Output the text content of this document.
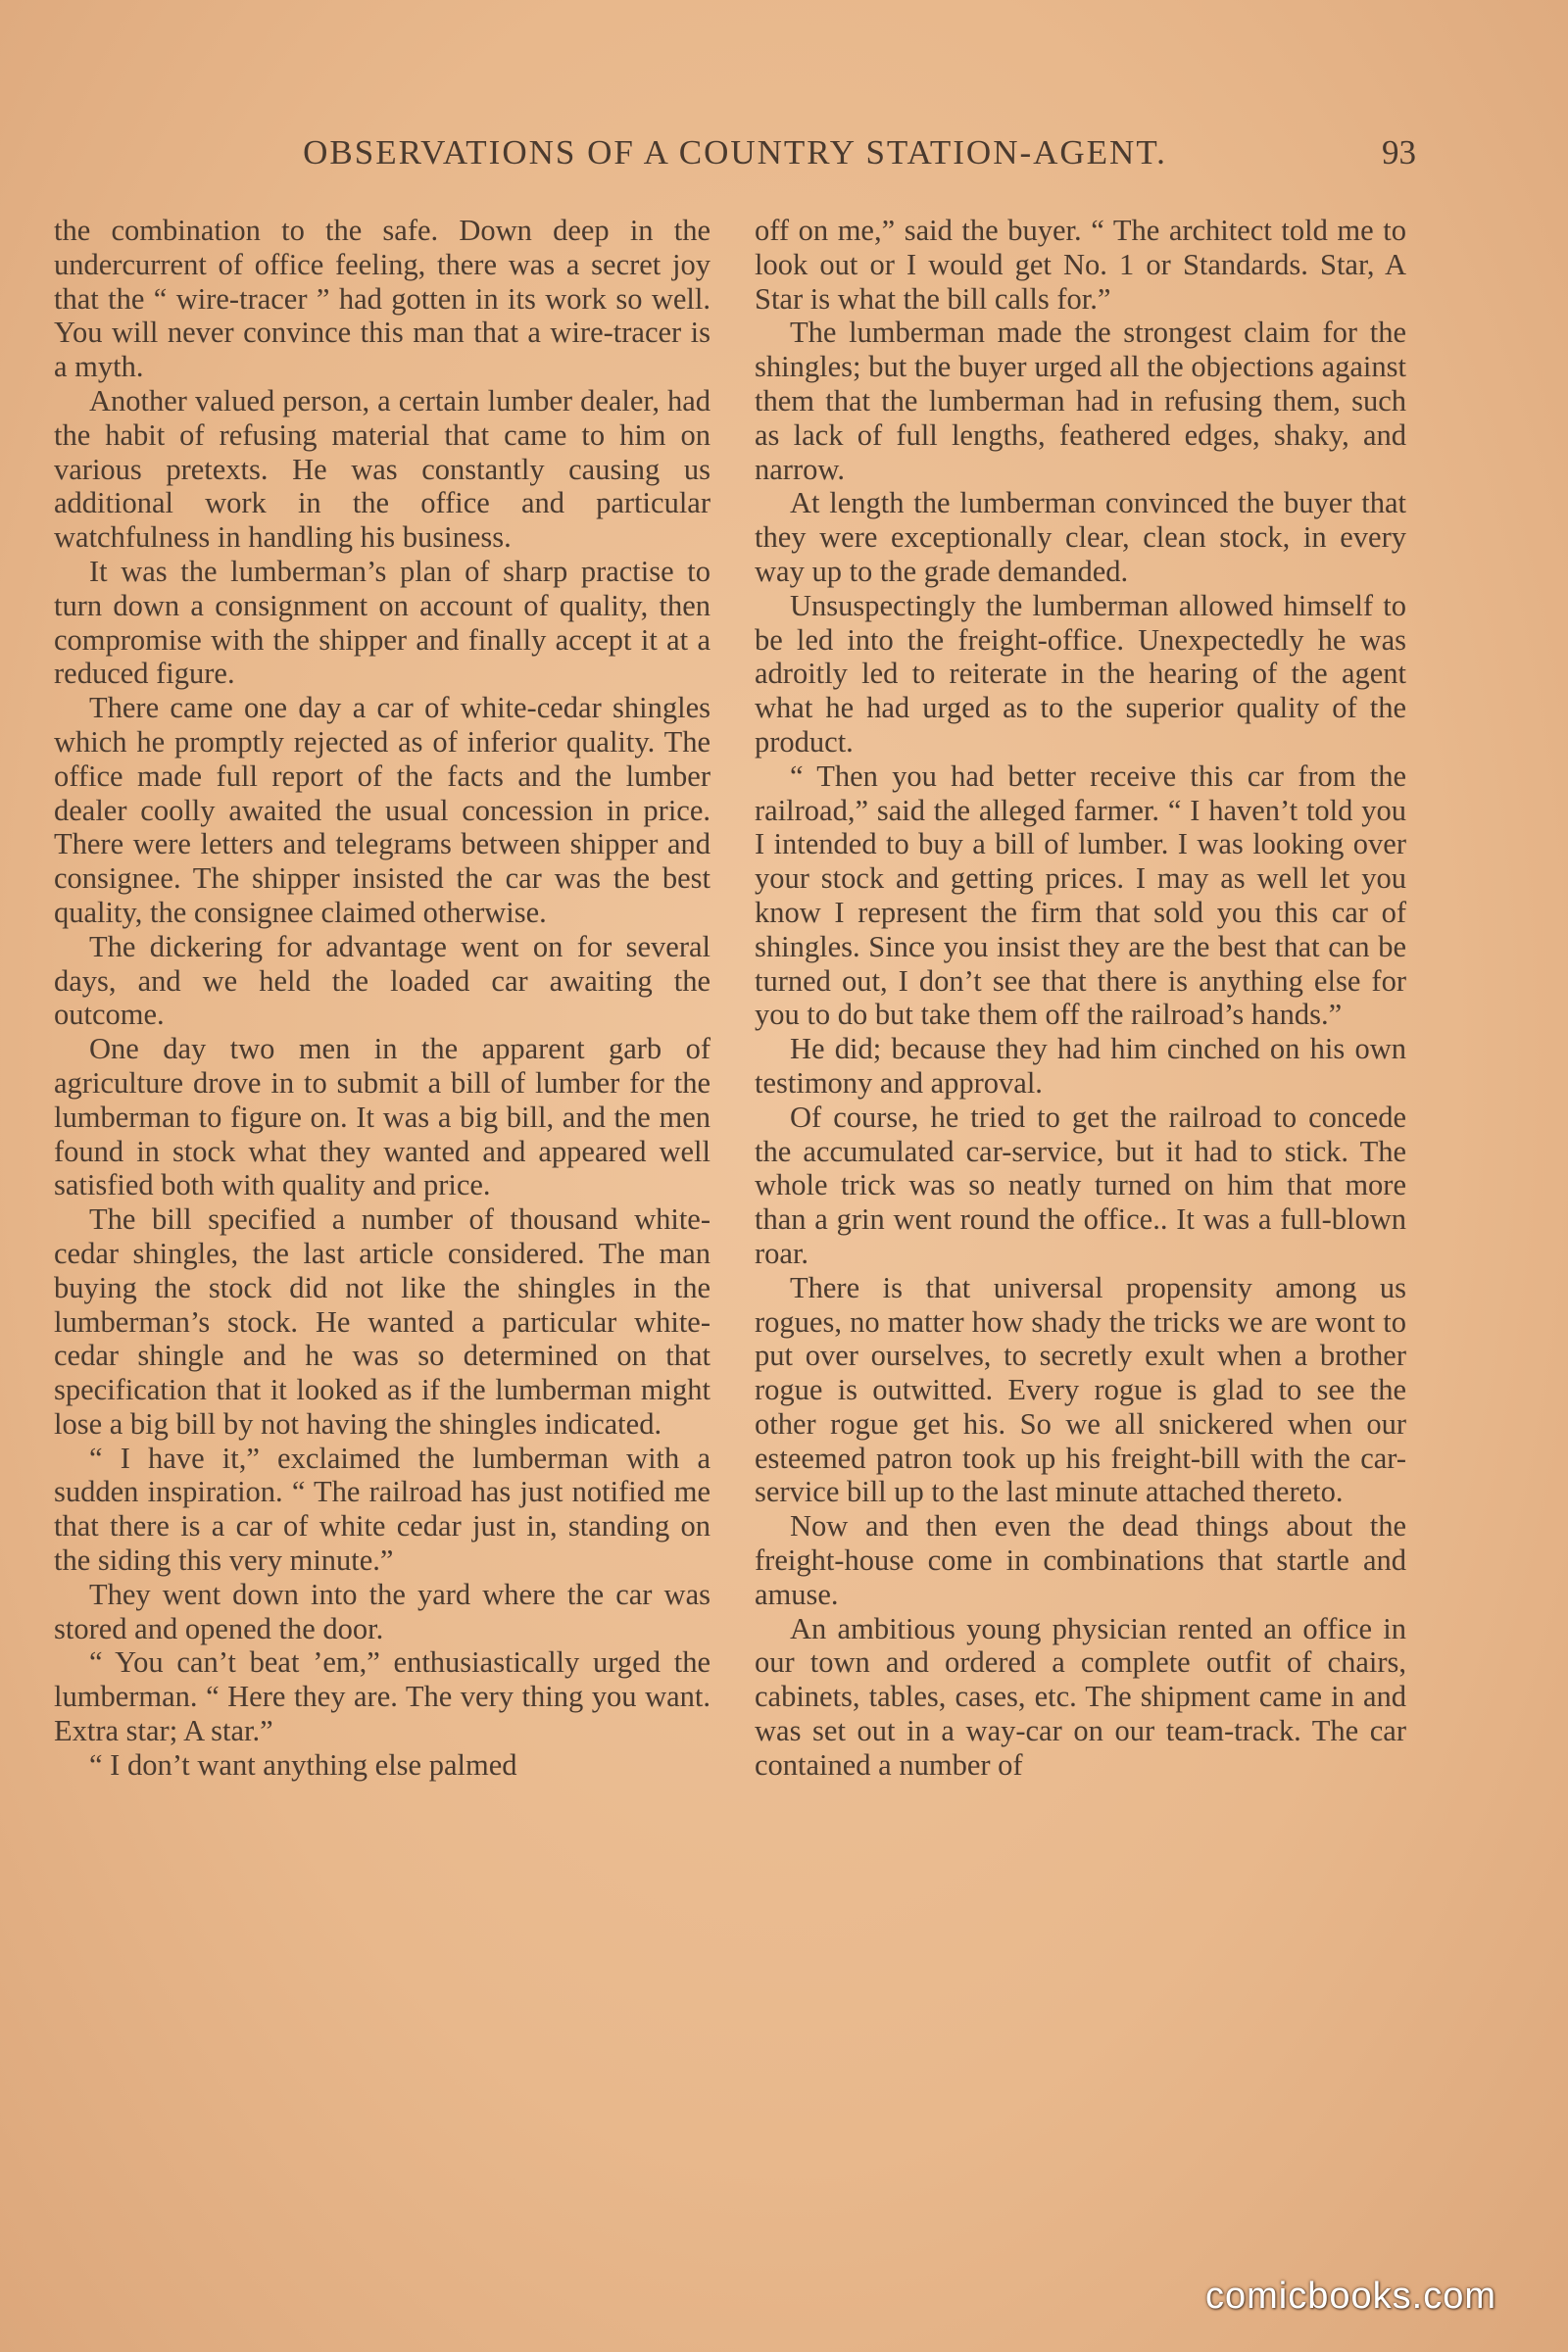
OBSERVATIONS OF A COUNTRY STATION-AGENT.	93

the combination to the safe. Down deep in the undercurrent of office feeling, there was a secret joy that the “ wire-tracer ” had gotten in its work so well. You will never convince this man that a wire-tracer is a myth.

Another valued person, a certain lumber dealer, had the habit of refusing material that came to him on various pretexts. He was constantly causing us additional work in the office and particular watchfulness in handling his business.

It was the lumberman’s plan of sharp practise to turn down a consignment on account of quality, then compromise with the shipper and finally accept it at a reduced figure.

There came one day a car of white-cedar shingles which he promptly rejected as of inferior quality. The office made full report of the facts and the lumber dealer coolly awaited the usual concession in price. There were letters and telegrams between shipper and consignee. The shipper insisted the car was the best quality, the consignee claimed otherwise.

The dickering for advantage went on for several days, and we held the loaded car awaiting the outcome.

One day two men in the apparent garb of agriculture drove in to submit a bill of lumber for the lumberman to figure on. It was a big bill, and the men found in stock what they wanted and appeared well satisfied both with quality and price.

The bill specified a number of thousand white-cedar shingles, the last article considered. The man buying the stock did not like the shingles in the lumberman’s stock. He wanted a particular white-cedar shingle and he was so determined on that specification that it looked as if the lumberman might lose a big bill by not having the shingles indicated.

“ I have it,” exclaimed the lumberman with a sudden inspiration. “ The railroad has just notified me that there is a car of white cedar just in, standing on the siding this very minute.”

They went down into the yard where the car was stored and opened the door.

“ You can’t beat ’em,” enthusiastically urged the lumberman. “ Here they are. The very thing you want. Extra star; A star.”

“ I don’t want anything else palmed

off on me,” said the buyer. “ The architect told me to look out or I would get No. 1 or Standards. Star, A Star is what the bill calls for.”

The lumberman made the strongest claim for the shingles; but the buyer urged all the objections against them that the lumberman had in refusing them, such as lack of full lengths, feathered edges, shaky, and narrow.

At length the lumberman convinced the buyer that they were exceptionally clear, clean stock, in every way up to the grade demanded.

Unsuspectingly the lumberman allowed himself to be led into the freight-office. Unexpectedly he was adroitly led to reiterate in the hearing of the agent what he had urged as to the superior quality of the product.

“ Then you had better receive this car from the railroad,” said the alleged farmer. “ I haven’t told you I intended to buy a bill of lumber. I was looking over your stock and getting prices. I may as well let you know I represent the firm that sold you this car of shingles. Since you insist they are the best that can be turned out, I don’t see that there is anything else for you to do but take them off the railroad’s hands.”

He did; because they had him cinched on his own testimony and approval.

Of course, he tried to get the railroad to concede the accumulated car-service, but it had to stick. The whole trick was so neatly turned on him that more than a grin went round the office.. It was a full-blown roar.

There is that universal propensity among us rogues, no matter how shady the tricks we are wont to put over ourselves, to secretly exult when a brother rogue is outwitted. Every rogue is glad to see the other rogue get his. So we all snickered when our esteemed patron took up his freight-bill with the car-service bill up to the last minute attached thereto.

Now and then even the dead things about the freight-house come in combinations that startle and amuse.

An ambitious young physician rented an office in our town and ordered a complete outfit of chairs, cabinets, tables, cases, etc. The shipment came in and was set out in a way-car on our team-track. The car contained a number of

comicbooks.com
